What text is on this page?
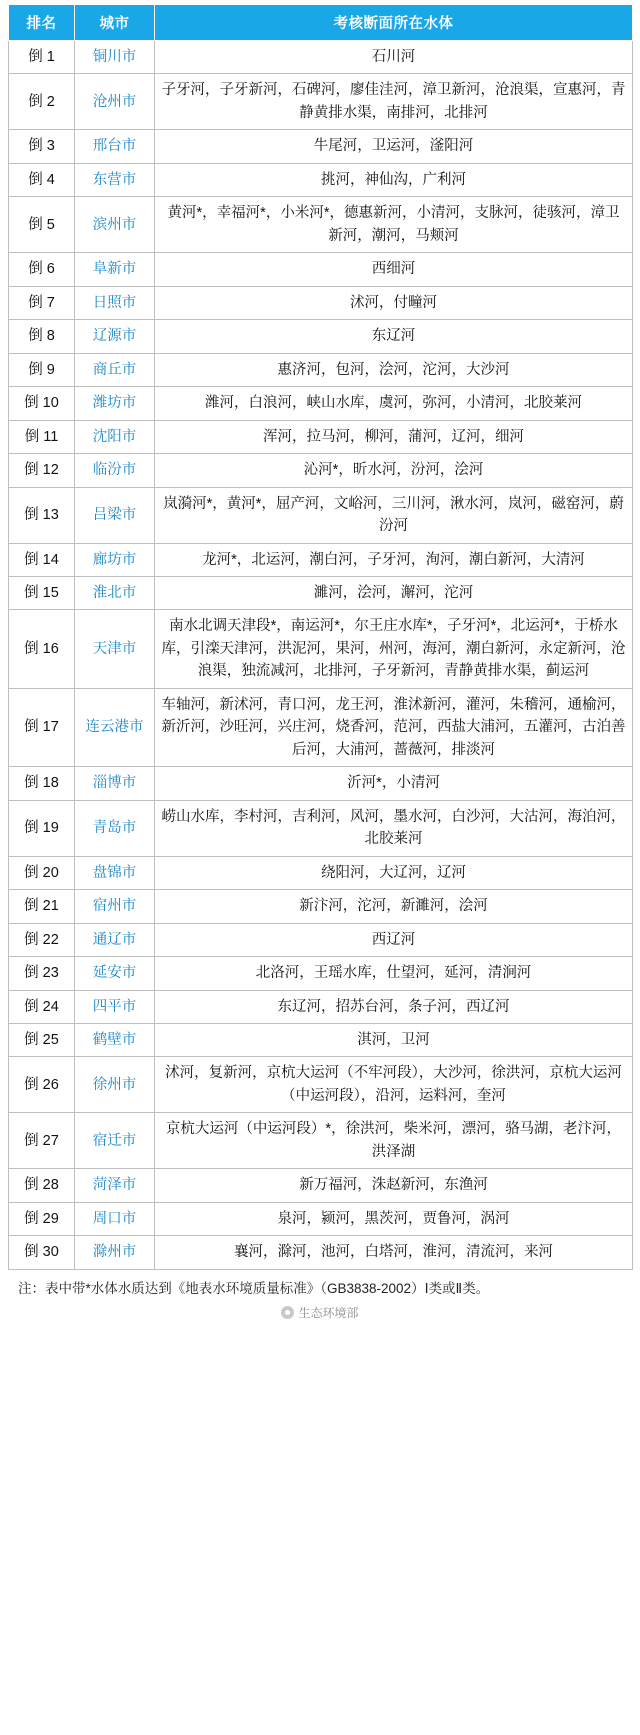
排名	城市	考核断面所在水体
倒 1	铜川市	石川河
倒 2	沧州市	子牙河，子牙新河，石碑河，廖佳洼河，漳卫新河，沧浪渠，宣惠河，青静黄排水渠，南排河，北排河
倒 3	邢台市	牛尾河，卫运河，滏阳河
倒 4	东营市	挑河，神仙沟，广利河
倒 5	滨州市	黄河*，幸福河*，小米河*，德惠新河，小清河，支脉河，徒骇河，漳卫新河，潮河，马颊河
倒 6	阜新市	西细河
倒 7	日照市	沭河，付疃河
倒 8	辽源市	东辽河
倒 9	商丘市	惠济河，包河，浍河，沱河，大沙河
倒 10	潍坊市	潍河，白浪河，峡山水库，虞河，弥河，小清河，北胶莱河
倒 11	沈阳市	浑河，拉马河，柳河，蒲河，辽河，细河
倒 12	临汾市	沁河*，昕水河，汾河，浍河
倒 13	吕梁市	岚漪河*，黄河*，屈产河，文峪河，三川河，湫水河，岚河，磁窑河，蔚汾河
倒 14	廊坊市	龙河*，北运河，潮白河，子牙河，洵河，潮白新河，大清河
倒 15	淮北市	濉河，浍河，澥河，沱河
倒 16	天津市	南水北调天津段*，南运河*，尔王庄水库*，子牙河*，北运河*，于桥水库，引滦天津河，洪泥河，果河，州河，海河，潮白新河，永定新河，沧浪渠，独流减河，北排河，子牙新河，青静黄排水渠，蓟运河
倒 17	连云港市	车轴河，新沭河，青口河，龙王河，淮沭新河，灌河，朱稽河，通榆河，新沂河，沙旺河，兴庄河，烧香河，范河，西盐大浦河，五灌河，古泊善后河，大浦河，蔷薇河，排淡河
倒 18	淄博市	沂河*，小清河
倒 19	青岛市	崂山水库，李村河，吉利河，风河，墨水河，白沙河，大沽河，海泊河，北胶莱河
倒 20	盘锦市	绕阳河，大辽河，辽河
倒 21	宿州市	新汴河，沱河，新濉河，浍河
倒 22	通辽市	西辽河
倒 23	延安市	北洛河，王瑶水库，仕望河，延河，清涧河
倒 24	四平市	东辽河，招苏台河，条子河，西辽河
倒 25	鹤壁市	淇河，卫河
倒 26	徐州市	沭河，复新河，京杭大运河（不牢河段），大沙河，徐洪河，京杭大运河（中运河段），沿河，运料河，奎河
倒 27	宿迁市	京杭大运河（中运河段）*，徐洪河，柴米河，漂河，骆马湖，老汴河，洪泽湖
倒 28	菏泽市	新万福河，洙赵新河，东渔河
倒 29	周口市	泉河，颍河，黑茨河，贾鲁河，涡河
倒 30	滁州市	襄河，滁河，池河，白塔河，淮河，清流河，来河
注：表中带*水体水质达到《地表水环境质量标准》（GB3838-2002）Ⅰ类或Ⅱ类。
生态环境部
